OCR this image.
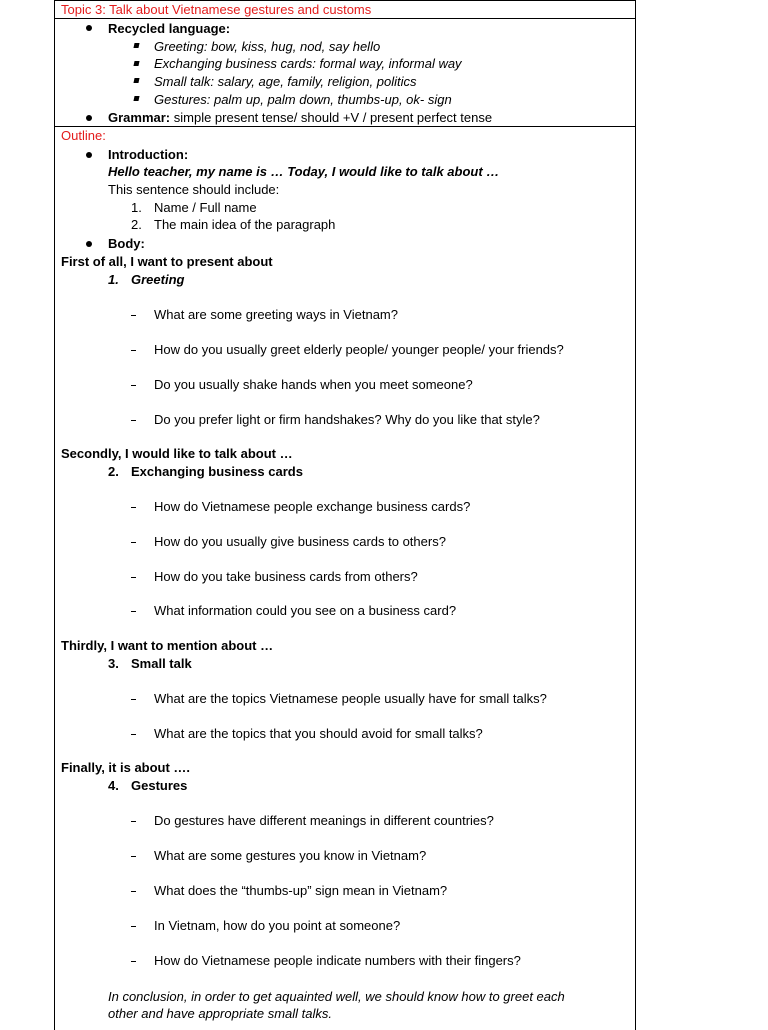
Topic 3: Talk about Vietnamese gestures and customs
Recycled language:
Greeting: bow, kiss, hug, nod, say hello
Exchanging business cards: formal way, informal way
Small talk: salary, age, family, religion, politics
Gestures: palm up, palm down, thumbs-up, ok- sign
Grammar: simple present tense/ should +V / present perfect tense
Outline:
Introduction:
Hello teacher, my name is … Today, I would like to talk about …
This sentence should include:
1. Name / Full name
2. The main idea of the paragraph
Body:
First of all, I want to present about
1. Greeting
What are some greeting ways in Vietnam?
How do you usually greet elderly people/ younger people/ your friends?
Do you usually shake hands when you meet someone?
Do you prefer light or firm handshakes? Why do you like that style?
Secondly, I would like to talk about …
2. Exchanging business cards
How do Vietnamese people exchange business cards?
How do you usually give business cards to others?
How do you take business cards from others?
What information could you see on a business card?
Thirdly, I want to mention about …
3. Small talk
What are the topics Vietnamese people usually have for small talks?
What are the topics that you should avoid for small talks?
Finally, it is about ….
4. Gestures
Do gestures have different meanings in different countries?
What are some gestures you know in Vietnam?
What does the “thumbs-up” sign mean in Vietnam?
In Vietnam, how do you point at someone?
How do Vietnamese people indicate numbers with their fingers?
In conclusion, in order to get aquainted well, we should know how to greet each
other and have appropriate small talks.
